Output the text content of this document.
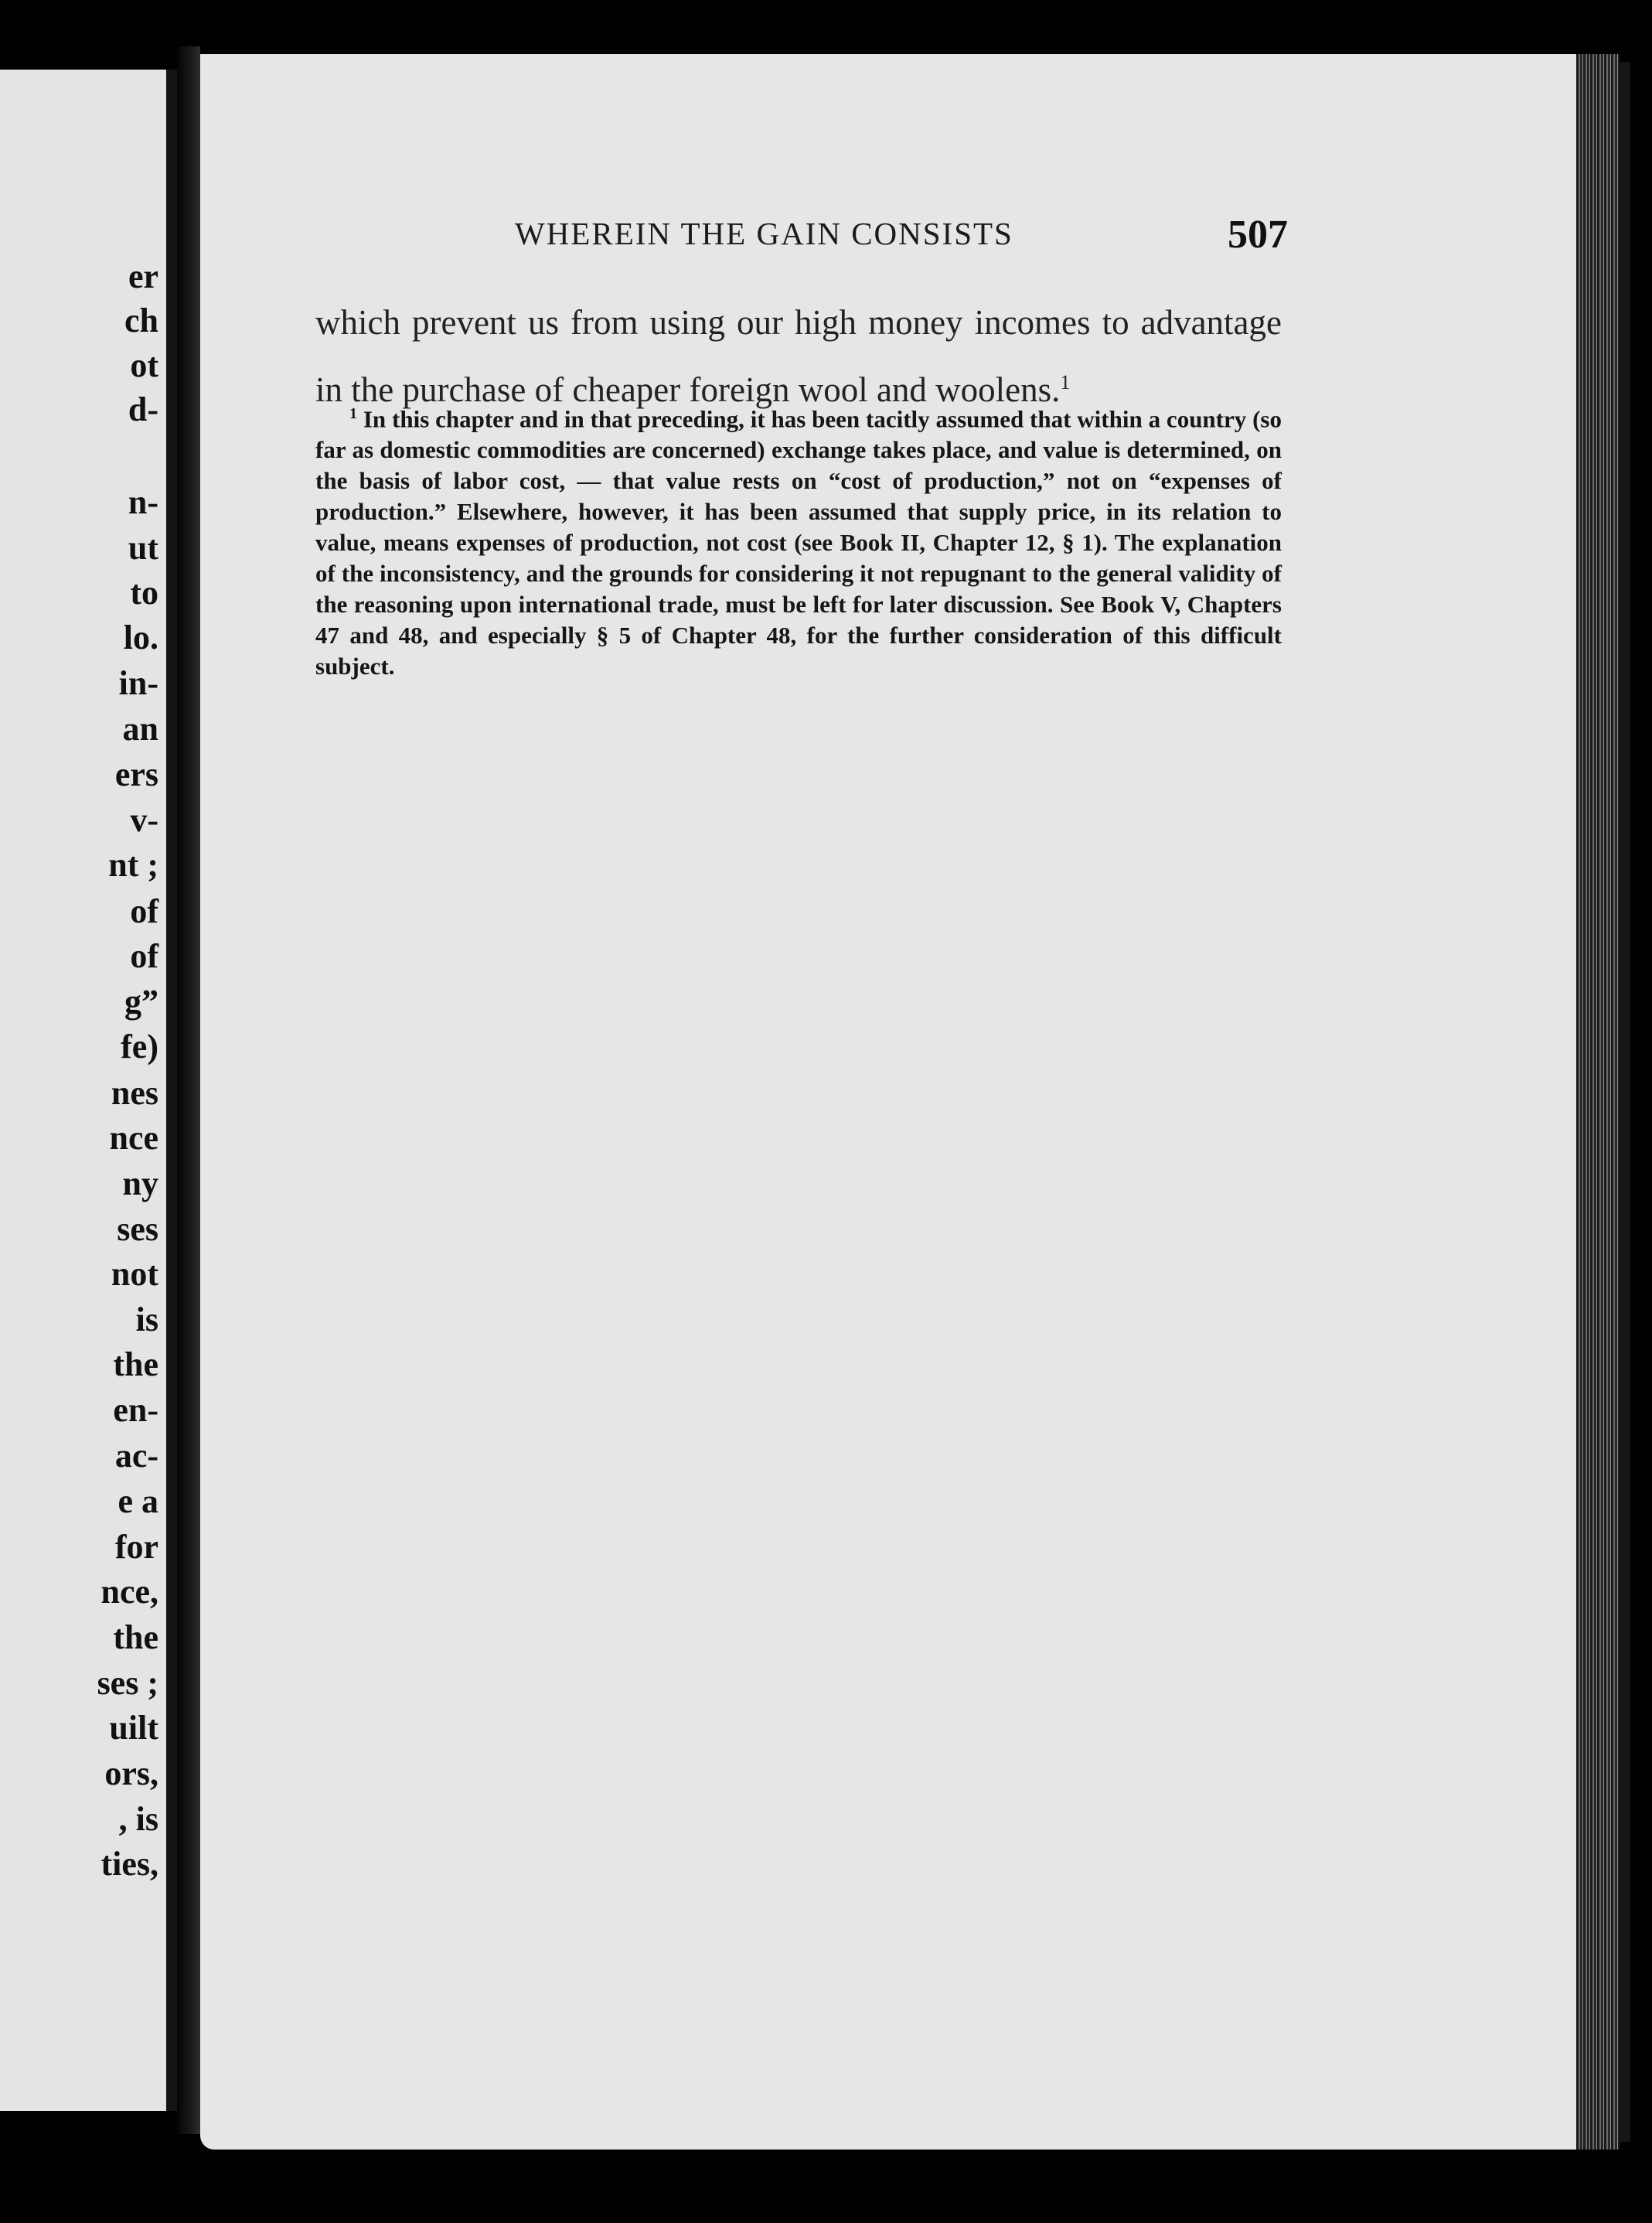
er
ch
ot
d-
n-
ut
to
lo.
in-
an
ers
v-
nt ;
of
of
g”
fe)
nes
nce
ny
ses
not
is
the
en-
ac-
e a
for
nce,
the
ses ;
uilt
ors,
, is
ties,
WHEREIN THE GAIN CONSISTS	507
which prevent us from using our high money incomes to advantage in the purchase of cheaper foreign wool and woolens.$^1$
$^1$ In this chapter and in that preceding, it has been tacitly assumed that within a country (so far as domestic commodities are concerned) exchange takes place, and value is determined, on the basis of labor cost, — that value rests on “cost of production,” not on “expenses of production.” Elsewhere, however, it has been assumed that supply price, in its relation to value, means expenses of production, not cost (see Book II, Chapter 12, § 1). The explanation of the inconsistency, and the grounds for considering it not repugnant to the general validity of the reasoning upon international trade, must be left for later discussion. See Book V, Chapters 47 and 48, and especially § 5 of Chapter 48, for the further consideration of this difficult subject.
